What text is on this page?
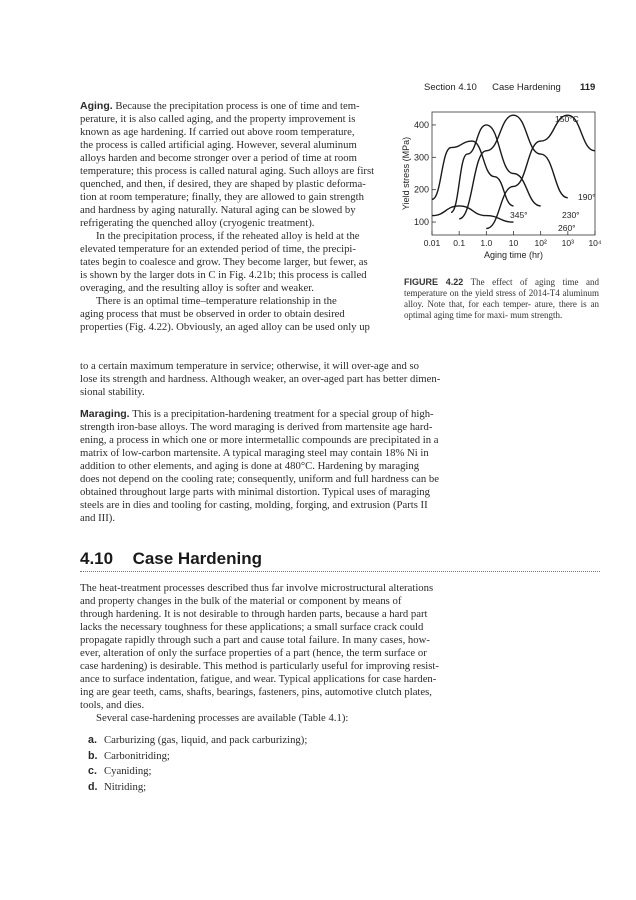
Section 4.10 Case Hardening 119

Aging. Because the precipitation process is one of time and tem-
perature, it is also called aging, and the property improvement is
known as age hardening. If carried out above room temperature,
the process is called artificial aging. However, several aluminum
alloys harden and become stronger over a period of time at room
temperature; this process is called natural aging. Such alloys are first
quenched, and then, if desired, they are shaped by plastic deforma-
tion at room temperature; finally, they are allowed to gain strength
and hardness by aging naturally. Natural aging can be slowed by
refrigerating the quenched alloy (cryogenic treatment).

In the precipitation process, if the reheated alloy is held at the
elevated temperature for an extended period of time, the precipi-
tates begin to coalesce and grow. They become larger, but fewer, as
is shown by the larger dots in C in Fig. 4.21b; this process is called
overaging, and the resulting alloy is softer and weaker.

There is an optimal time–temperature relationship in the
aging process that must be observed in order to obtain desired
properties (Fig. 4.22). Obviously, an aged alloy can be used only up

to a certain maximum temperature in service; otherwise, it will over-age and so
lose its strength and hardness. Although weaker, an over-aged part has better dimen-
sional stability.

100
200
300
400
0.01 0.1 1.0 10 10² 10³ 10⁴
Aging time (hr)
Yield stress (MPa)
150°C
190°
230°
260°
345°
FIGURE 4.22 The effect of aging time and temperature on the yield stress of 2014-T4 aluminum alloy. Note that, for each temper- ature, there is an optimal aging time for maxi- mum strength.

Maraging. This is a precipitation-hardening treatment for a special group of high-
strength iron-base alloys. The word maraging is derived from martensite age hard-
ening, a process in which one or more intermetallic compounds are precipitated in a
matrix of low-carbon martensite. A typical maraging steel may contain 18% Ni in
addition to other elements, and aging is done at 480°C. Hardening by maraging
does not depend on the cooling rate; consequently, uniform and full hardness can be
obtained throughout large parts with minimal distortion. Typical uses of maraging
steels are in dies and tooling for casting, molding, forging, and extrusion (Parts II
and III).

4.10 Case Hardening

The heat-treatment processes described thus far involve microstructural alterations
and property changes in the bulk of the material or component by means of
through hardening. It is not desirable to through harden parts, because a hard part
lacks the necessary toughness for these applications; a small surface crack could
propagate rapidly through such a part and cause total failure. In many cases, how-
ever, alteration of only the surface properties of a part (hence, the term surface or
case hardening) is desirable. This method is particularly useful for improving resist-
ance to surface indentation, fatigue, and wear. Typical applications for case harden-
ing are gear teeth, cams, shafts, bearings, fasteners, pins, automotive clutch plates,
tools, and dies.

Several case-hardening processes are available (Table 4.1):

a. Carburizing (gas, liquid, and pack carburizing);
b. Carbonitriding;
c. Cyaniding;
d. Nitriding;
